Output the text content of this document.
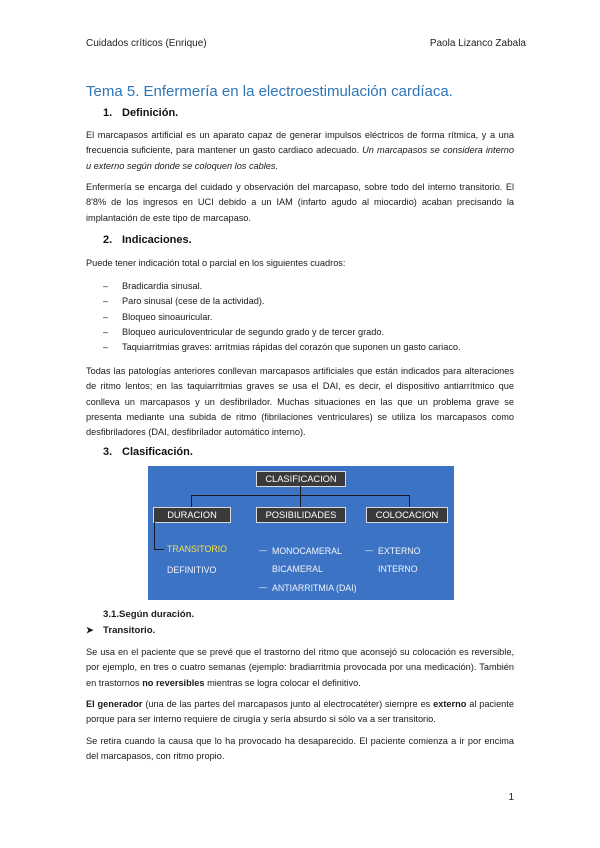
Cuidados críticos (Enrique)	Paola Lizanco Zabala
Tema 5. Enfermería en la electroestimulación cardíaca.
1. Definición.

El marcapasos artificial es un aparato capaz de generar impulsos eléctricos de forma rítmica, y a una frecuencia suficiente, para mantener un gasto cardiaco adecuado. Un marcapasos se considera interno u externo según donde se coloquen los cables.

Enfermería se encarga del cuidado y observación del marcapaso, sobre todo del interno transitorio. El 8'8% de los ingresos en UCI debido a un IAM (infarto agudo al miocardio) acaban precisando la implantación de este tipo de marcapaso.

2. Indicaciones.

Puede tener indicación total o parcial en los siguientes cuadros:

– Bradicardia sinusal.
– Paro sinusal (cese de la actividad).
– Bloqueo sinoauricular.
– Bloqueo auriculoventricular de segundo grado y de tercer grado.
– Taquiarritmias graves: arritmias rápidas del corazón que suponen un gasto cariaco.

Todas las patologías anteriores conllevan marcapasos artificiales que están indicados para alteraciones de ritmo lentos; en las taquiarritmias graves se usa el DAI, es decir, el dispositivo antiarrítmico que conlleva un marcapasos y un desfibrilador. Muchas situaciones en las que un problema grave se presenta mediante una subida de ritmo (fibrilaciones ventriculares) se utiliza los marcapasos como desfibriladores (DAI, desfibrilador automático interno).

3. Clasificación.
CLASIFICACION
DURACION	POSIBILIDADES	COLOCACION
TRANSITORIO
DEFINITIVO
— MONOCAMERAL
BICAMERAL
— ANTIARRITMIA (DAI)
— EXTERNO
INTERNO
3.1.Según duración.
➤ Transitorio.

Se usa en el paciente que se prevé que el trastorno del ritmo que aconsejó su colocación es reversible, por ejemplo, en tres o cuatro semanas (ejemplo: bradiarritmia provocada por una medicación). También en trastornos no reversibles mientras se logra colocar el definitivo.

El generador (una de las partes del marcapasos junto al electrocatéter) siempre es externo al paciente porque para ser interno requiere de cirugía y sería absurdo si sólo va a ser transitorio.

Se retira cuando la causa que lo ha provocado ha desaparecido. El paciente comienza a ir por encima del marcapasos, con ritmo propio.

1
